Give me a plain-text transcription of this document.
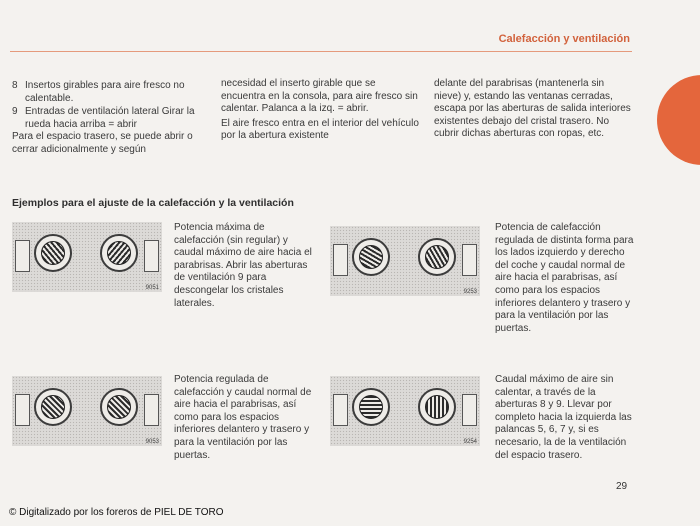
Calefacción y ventilación
8 Insertos girables para aire fresco no calentable.
9 Entradas de ventilación lateral Girar la rueda hacia arriba = abrir
Para el espacio trasero, se puede abrir o cerrar adicionalmente y según
necesidad el inserto girable que se encuentra en la consola, para aire fresco sin calentar. Palanca a la izq. = abrir.
El aire fresco entra en el interior del vehículo por la abertura existente
delante del parabrisas (mantenerla sin nieve) y, estando las ventanas cerradas, escapa por las aberturas de salida interiores existentes debajo del cristal trasero. No cubrir dichas aberturas con ropas, etc.
Ejemplos para el ajuste de la calefacción y la ventilación
9051
Potencia máxima de calefacción (sin regular) y caudal máximo de aire hacia el parabrisas. Abrir las aberturas de ventilación 9 para descongelar los cristales laterales.
9253
Potencia de calefacción regulada de distinta forma para los lados izquierdo y derecho del coche y caudal normal de aire hacia el parabrisas, así como para los espacios inferiores delantero y trasero y para la ventilación por las puertas.
9053
Potencia regulada de calefacción y caudal normal de aire hacia el parabrisas, así como para los espacios inferiores delantero y trasero y para la ventilación por las puertas.
9254
Caudal máximo de aire sin calentar, a través de la aberturas 8 y 9. Llevar por completo hacia la izquierda las palancas 5, 6, 7 y, si es necesario, la de la ventilación del espacio trasero.
29
© Digitalizado por los foreros de PIEL DE TORO
